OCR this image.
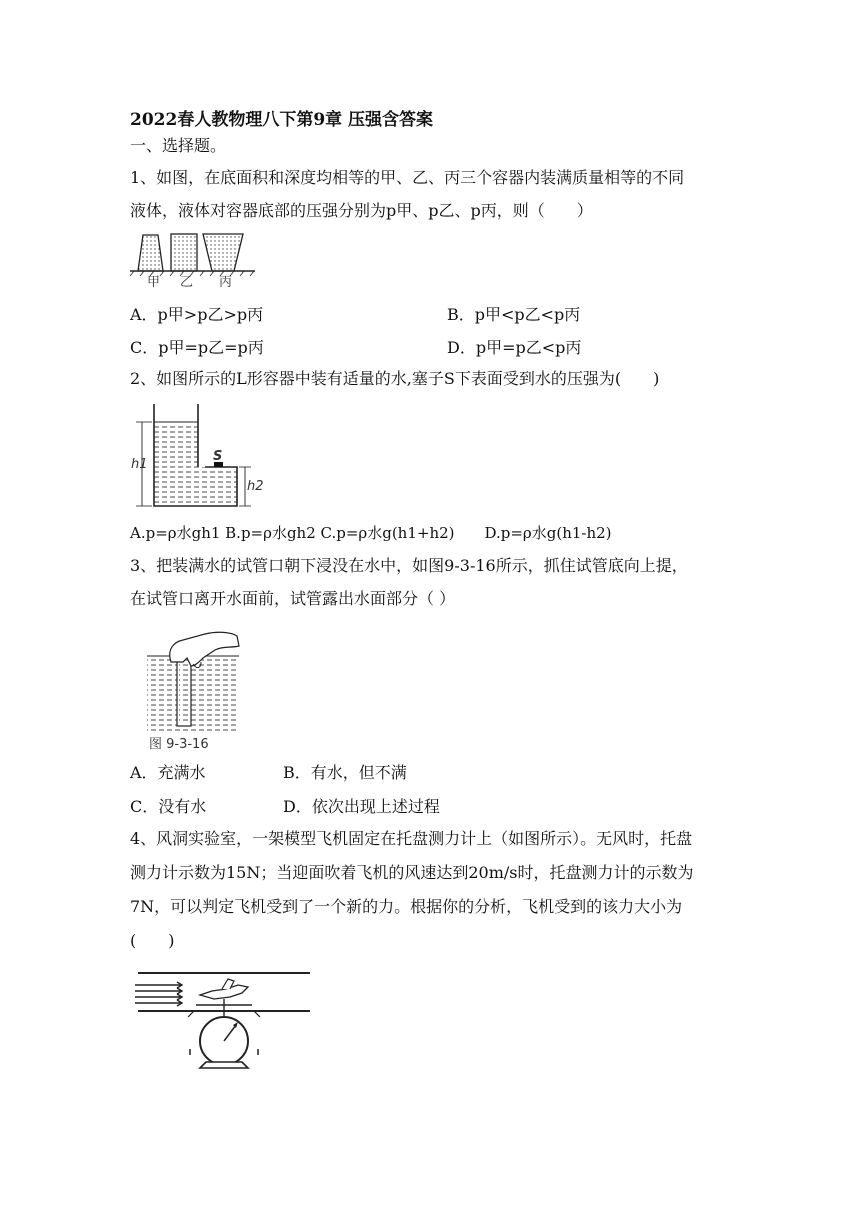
2022春人教物理八下第9章 压强含答案
一、选择题。
1、如图，在底面积和深度均相等的甲、乙、丙三个容器内装满质量相等的不同
液体，液体对容器底部的压强分别为p甲、p乙、p丙，则（　　）
甲 乙 丙
A．p甲>p乙>p丙	B．p甲<p乙<p丙
C．p甲=p乙=p丙	D．p甲=p乙<p丙
2、如图所示的L形容器中装有适量的水,塞子S下表面受到水的压强为(　　)
h1
S
h2
A.p=ρ水gh1 B.p=ρ水gh2 C.p=ρ水g(h1+h2)　　D.p=ρ水g(h1-h2)
3、把装满水的试管口朝下浸没在水中，如图9-3-16所示，抓住试管底向上提，
在试管口离开水面前，试管露出水面部分（ ）
图 9-3-16
A．充满水	B．有水，但不满
C．没有水	D．依次出现上述过程
4、风洞实验室，一架模型飞机固定在托盘测力计上（如图所示）。无风时，托盘
测力计示数为15N；当迎面吹着飞机的风速达到20m/s时，托盘测力计的示数为
7N，可以判定飞机受到了一个新的力。根据你的分析，飞机受到的该力大小为
(　　)
